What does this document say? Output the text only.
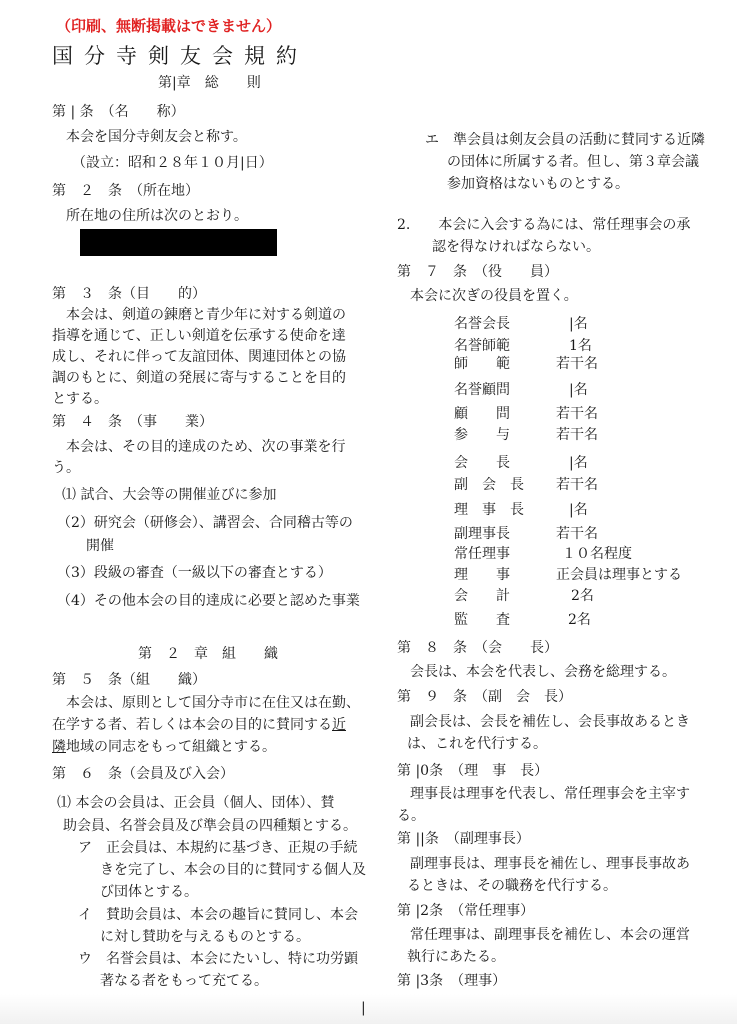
（印刷、無断掲載はできません）
国分寺剣友会規約
第|章　総　　則
第 | 条　（名　　称）
本会を国分寺剣友会と称す。
（設立：昭和２８年１０月|日）
第　２　条　（所在地）
所在地の住所は次のとおり。
第　３　条（目　　的）
本会は、剣道の錬磨と青少年に対する剣道の
指導を通じて、正しい剣道を伝承する使命を達
成し、それに伴って友誼団体、関連団体との協
調のもとに、剣道の発展に寄与することを目的
とする。
第　４　条　（事　　業）
本会は、その目的達成のため、次の事業を行
う。
⑴ 試合、大会等の開催並びに参加
（2）研究会（研修会）、講習会、合同稽古等の
開催
（3）段級の審査（一級以下の審査とする）
（4）その他本会の目的達成に必要と認めた事業
第　２　章　組　　織
第　５　条（組　　織）
本会は、原則として国分寺市に在住又は在勤、
在学する者、若しくは本会の目的に賛同する近
隣地域の同志をもって組織とする。
第　６　条（会員及び入会）
⑴ 本会の会員は、正会員（個人、団体）、賛
助会員、名誉会員及び準会員の四種類とする。
ア　正会員は、本規約に基づき、正規の手続
きを完了し、本会の目的に賛同する個人及
び団体とする。
イ　賛助会員は、本会の趣旨に賛同し、本会
に対し賛助を与えるものとする。
ウ　名誉会員は、本会にたいし、特に功労顕
著なる者をもって充てる。
エ　準会員は剣友会員の活動に賛同する近隣
の団体に所属する者。但し、第３章会議
参加資格はないものとする。
2.　　本会に入会する為には、常任理事会の承
認を得なければならない。
第　７　条　（役　　員）
本会に次ぎの役員を置く。
名誉会長	|名
名誉師範	1名
師　　範	若干名
名誉顧問	|名
顧　　問	若干名
参　　与	若干名
会　　長	|名
副　会　長 若干名
理　事　長	|名
副理事長	若干名
常任理事	１０名程度
理　　事	正会員は理事とする
会　　計	2名
監　　査	2名
第　８　条　（会　　長）
会長は、本会を代表し、会務を総理する。
第　９　条　（副　会　長）
副会長は、会長を補佐し、会長事故あるとき
は、これを代行する。
第 |0条　（理　事　長）
理事長は理事を代表し、常任理事会を主宰す
る。
第 ||条　（副理事長）
副理事長は、理事長を補佐し、理事長事故あ
るときは、その職務を代行する。
第 |2条　（常任理事）
常任理事は、副理事長を補佐し、本会の運営
執行にあたる。
第 |3条　（理事）
|
